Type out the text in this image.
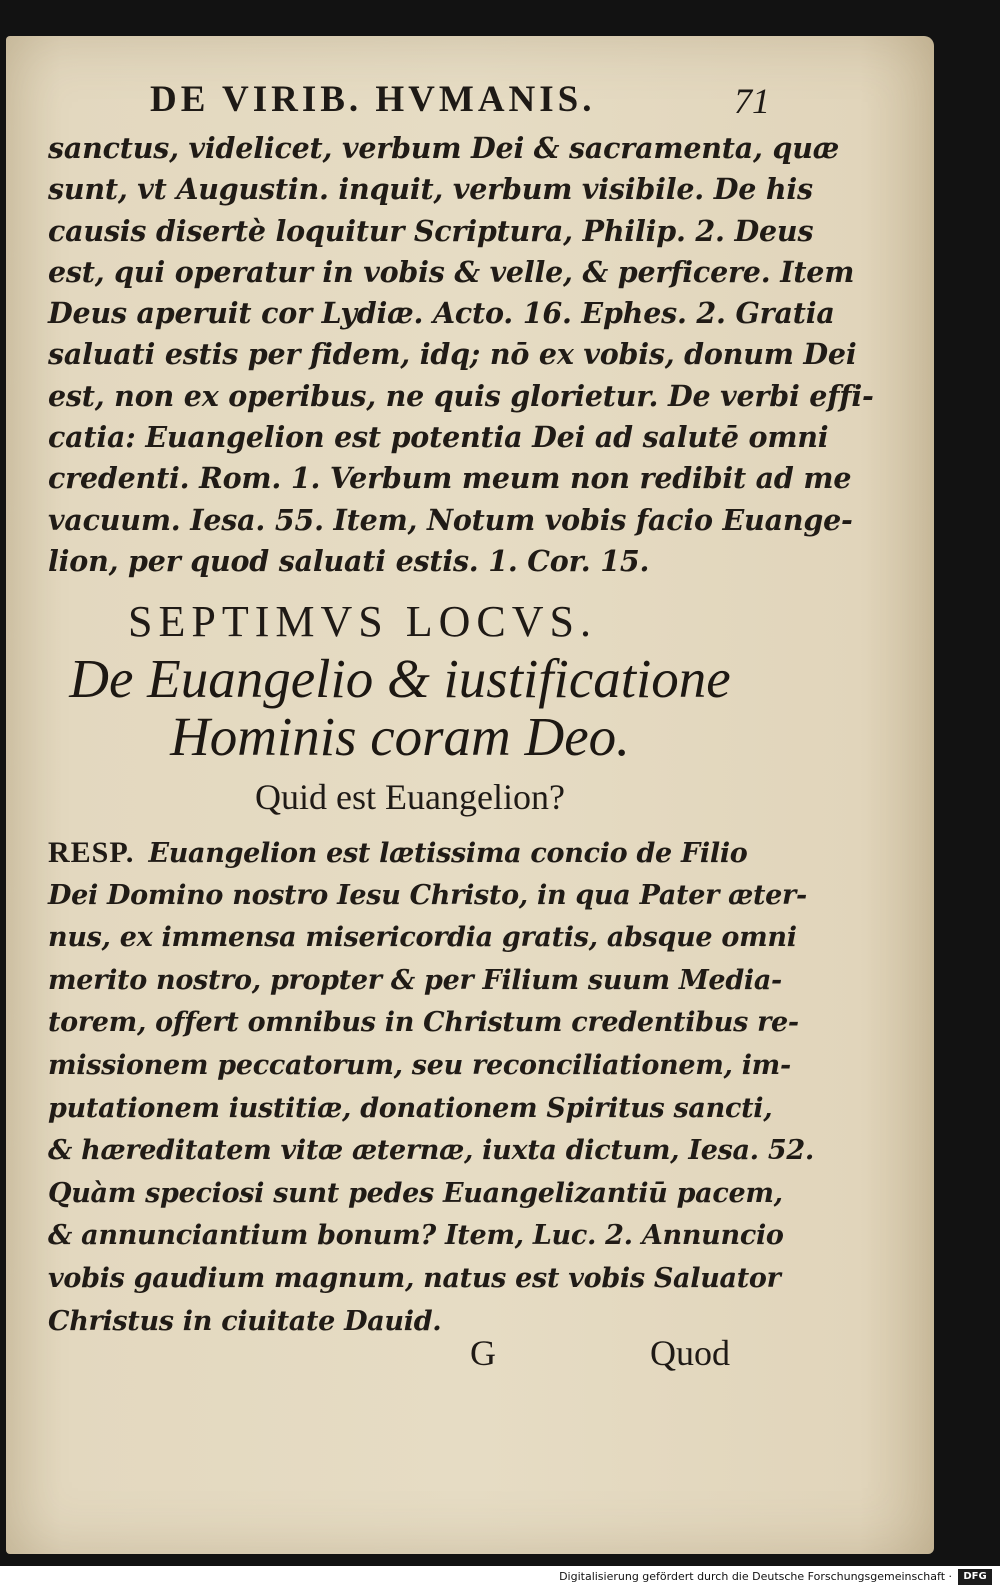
DE VIRIB. HVMANIS.	71
sanctus, videlicet, verbum Dei & sacramenta, quæ
sunt, vt Augustin. inquit, verbum visibile. De his
causis disertè loquitur Scriptura, Philip. 2. Deus
est, qui operatur in vobis & velle, & perficere. Item
Deus aperuit cor Lydiæ. Acto. 16. Ephes. 2. Gratia
saluati estis per fidem, idq; nō ex vobis, donum Dei
est, non ex operibus, ne quis glorietur. De verbi effi-
catia: Euangelion est potentia Dei ad salutē omni
credenti. Rom. 1. Verbum meum non redibit ad me
vacuum. Iesa. 55. Item, Notum vobis facio Euange-
lion, per quod saluati estis. 1. Cor. 15.
SEPTIMVS LOCVS.
De Euangelio & iustificatione
Hominis coram Deo.
Quid est Euangelion?
RESP. Euangelion est lætissima concio de Filio
Dei Domino nostro Iesu Christo, in qua Pater æter-
nus, ex immensa misericordia gratis, absque omni
merito nostro, propter & per Filium suum Media-
torem, offert omnibus in Christum credentibus re-
missionem peccatorum, seu reconciliationem, im-
putationem iustitiæ, donationem Spiritus sancti,
& hæreditatem vitæ æternæ, iuxta dictum, Iesa. 52.
Quàm speciosi sunt pedes Euangelizantiū pacem,
& annunciantium bonum? Item, Luc. 2. Annuncio
vobis gaudium magnum, natus est vobis Saluator
Christus in ciuitate Dauid.
G	Quod
Digitalisierung gefördert durch die Deutsche Forschungsgemeinschaft ·	DFG
